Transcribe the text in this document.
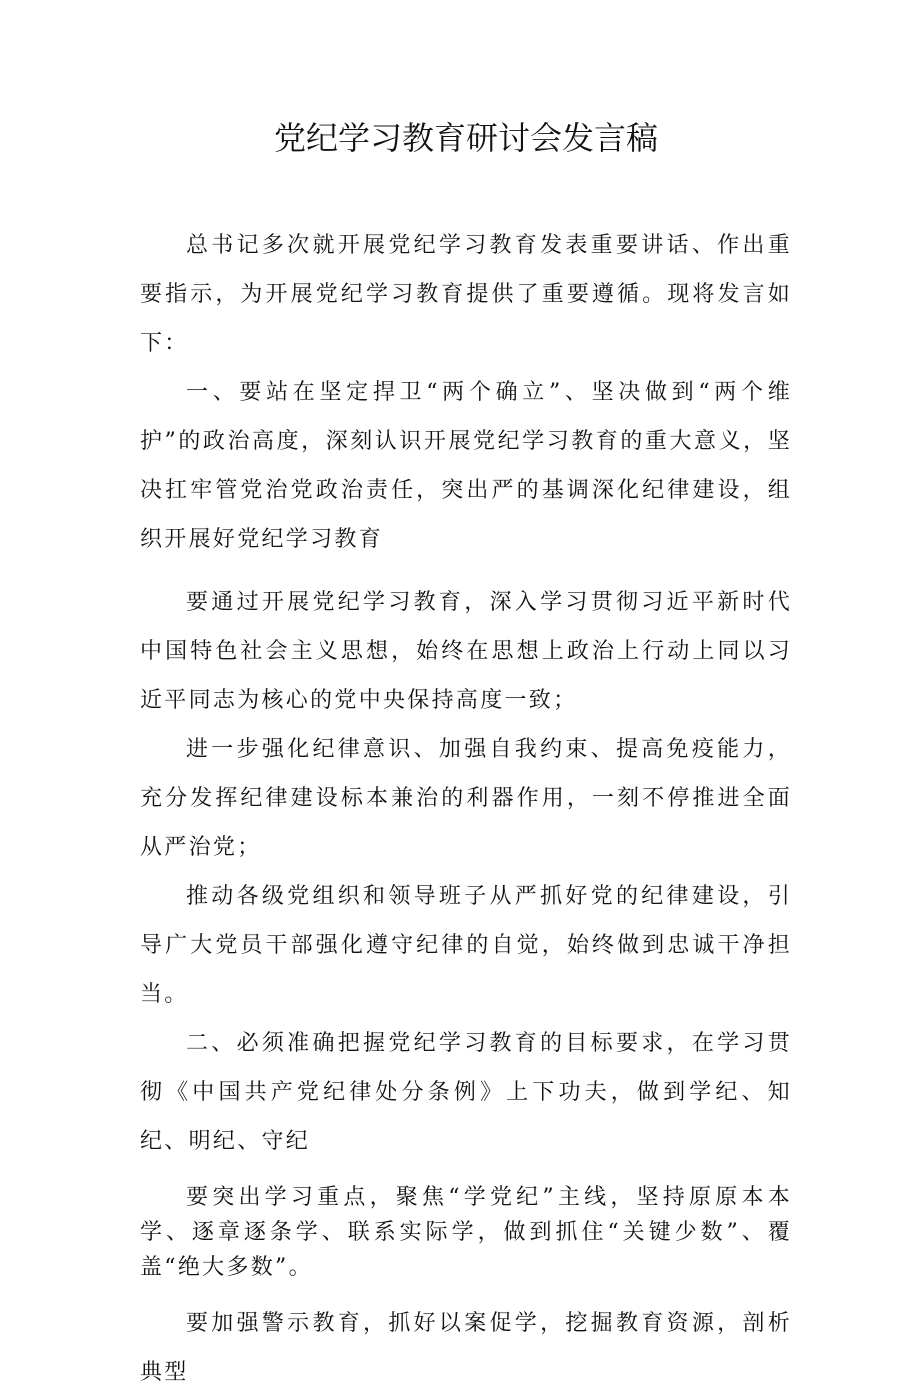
党纪学习教育研讨会发言稿

总书记多次就开展党纪学习教育发表重要讲话、作出重要指示，为开展党纪学习教育提供了重要遵循。现将发言如下：

一、要站在坚定捍卫“两个确立”、坚决做到“两个维护”的政治高度，深刻认识开展党纪学习教育的重大意义，坚决扛牢管党治党政治责任，突出严的基调深化纪律建设，组织开展好党纪学习教育

要通过开展党纪学习教育，深入学习贯彻习近平新时代中国特色社会主义思想，始终在思想上政治上行动上同以习近平同志为核心的党中央保持高度一致；

进一步强化纪律意识、加强自我约束、提高免疫能力，充分发挥纪律建设标本兼治的利器作用，一刻不停推进全面从严治党；

推动各级党组织和领导班子从严抓好党的纪律建设，引导广大党员干部强化遵守纪律的自觉，始终做到忠诚干净担当。

二、必须准确把握党纪学习教育的目标要求，在学习贯彻《中国共产党纪律处分条例》上下功夫，做到学纪、知纪、明纪、守纪

要突出学习重点，聚焦“学党纪”主线，坚持原原本本学、逐章逐条学、联系实际学，做到抓住“关键少数”、覆盖“绝大多数”。

要加强警示教育，抓好以案促学，挖掘教育资源，剖析典型
